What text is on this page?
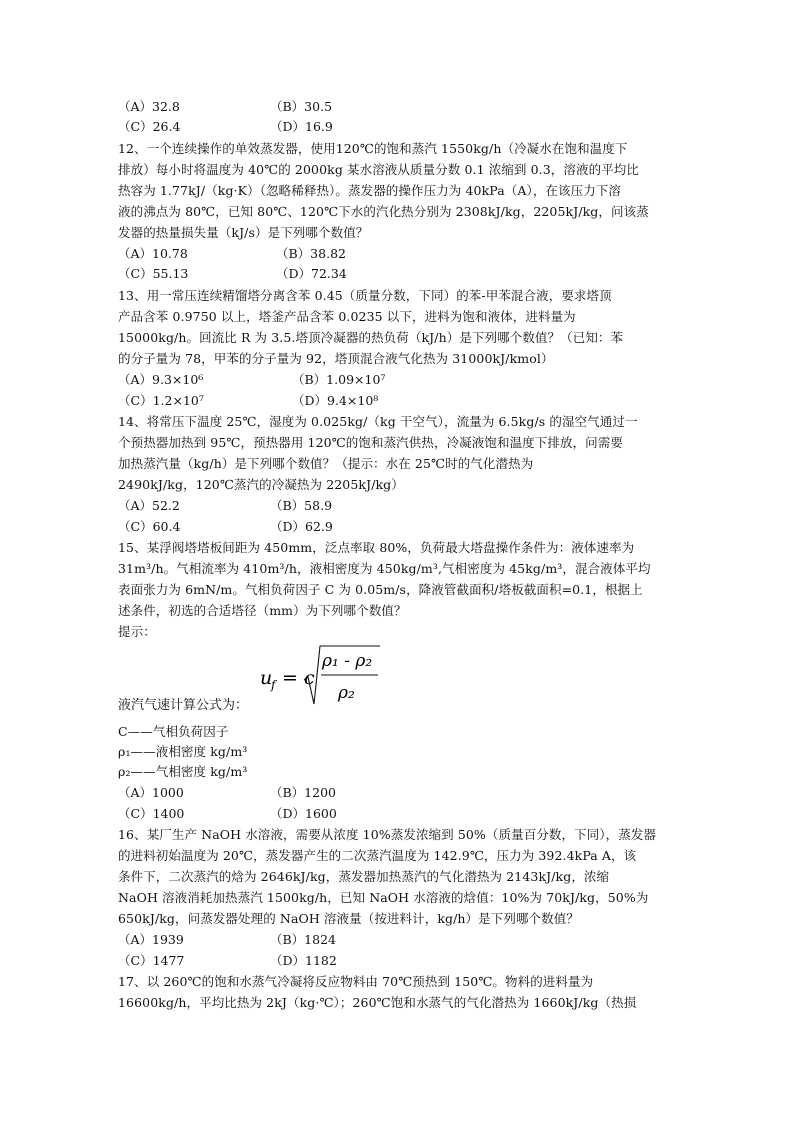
（A）32.8	（B）30.5
（C）26.4	（D）16.9
12、一个连续操作的单效蒸发器，使用120℃的饱和蒸汽 1550kg/h（冷凝水在饱和温度下
排放）每小时将温度为 40℃的 2000kg 某水溶液从质量分数 0.1 浓缩到 0.3，溶液的平均比
热容为 1.77kJ/（kg·K）（忽略稀释热）。蒸发器的操作压力为 40kPa（A），在该压力下溶
液的沸点为 80℃，已知 80℃、120℃下水的汽化热分别为 2308kJ/kg，2205kJ/kg，问该蒸
发器的热量损失量（kJ/s）是下列哪个数值？
（A）10.78	（B）38.82
（C）55.13	（D）72.34
13、用一常压连续精馏塔分离含苯 0.45（质量分数，下同）的苯-甲苯混合液，要求塔顶
产品含苯 0.9750 以上，塔釜产品含苯 0.0235 以下，进料为饱和液体，进料量为
15000kg/h。回流比 R 为 3.5.塔顶冷凝器的热负荷（kJ/h）是下列哪个数值？（已知：苯
的分子量为 78，甲苯的分子量为 92，塔顶混合液气化热为 31000kJ/kmol）
（A）9.3×10⁶	（B）1.09×10⁷
（C）1.2×10⁷	（D）9.4×10⁸
14、将常压下温度 25℃，湿度为 0.025kg/（kg 干空气），流量为 6.5kg/s 的湿空气通过一
个预热器加热到 95℃，预热器用 120℃的饱和蒸汽供热，冷凝液饱和温度下排放，问需要
加热蒸汽量（kg/h）是下列哪个数值？（提示：水在 25℃时的气化潜热为
2490kJ/kg，120℃蒸汽的冷凝热为 2205kJ/kg）
（A）52.2	（B）58.9
（C）60.4	（D）62.9
15、某浮阀塔塔板间距为 450mm，泛点率取 80%，负荷最大塔盘操作条件为：液体速率为
31m³/h。气相流率为 410m³/h，液相密度为 450kg/m³,气相密度为 45kg/m³，混合液体平均
表面张力为 6mN/m。气相负荷因子 C 为 0.05m/s，降液管截面积/塔板截面积=0.1，根据上
述条件，初选的合适塔径（mm）为下列哪个数值？
提示：
u
f = c
ρ₁ - ρ₂
ρ₂
液汽气速计算公式为：
C——气相负荷因子
ρ₁——液相密度 kg/m³
ρ₂——气相密度 kg/m³
（A）1000	（B）1200
（C）1400	（D）1600
16、某厂生产 NaOH 水溶液，需要从浓度 10%蒸发浓缩到 50%（质量百分数，下同），蒸发器
的进料初始温度为 20℃，蒸发器产生的二次蒸汽温度为 142.9℃，压力为 392.4kPa A，该
条件下，二次蒸汽的焓为 2646kJ/kg，蒸发器加热蒸汽的气化潜热为 2143kJ/kg，浓缩
NaOH 溶液消耗加热蒸汽 1500kg/h，已知 NaOH 水溶液的焓值：10%为 70kJ/kg，50%为
650kJ/kg，问蒸发器处理的 NaOH 溶液量（按进料计，kg/h）是下列哪个数值？
（A）1939	（B）1824
（C）1477	（D）1182
17、以 260℃的饱和水蒸气冷凝将反应物料由 70℃预热到 150℃。物料的进料量为
16600kg/h，平均比热为 2kJ（kg·℃）；260℃饱和水蒸气的气化潜热为 1660kJ/kg（热损
